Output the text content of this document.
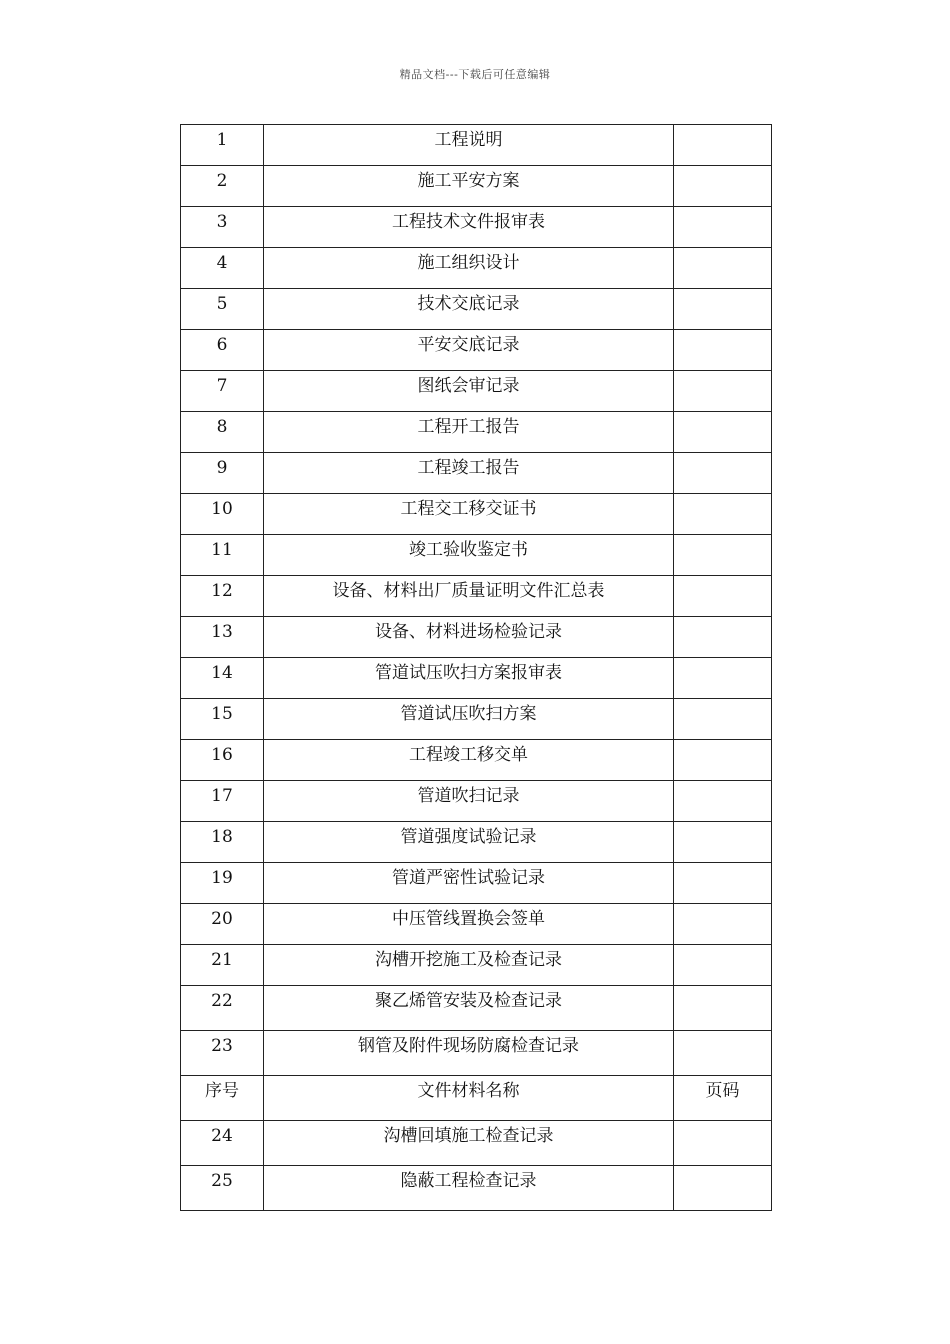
精品文档---下载后可任意编辑
1	工程说明	
2	施工平安方案	
3	工程技术文件报审表	
4	施工组织设计	
5	技术交底记录	
6	平安交底记录	
7	图纸会审记录	
8	工程开工报告	
9	工程竣工报告	
10	工程交工移交证书	
11	竣工验收鉴定书	
12	设备、材料出厂质量证明文件汇总表	
13	设备、材料进场检验记录	
14	管道试压吹扫方案报审表	
15	管道试压吹扫方案	
16	工程竣工移交单	
17	管道吹扫记录	
18	管道强度试验记录	
19	管道严密性试验记录	
20	中压管线置换会签单	
21	沟槽开挖施工及检查记录	
22	聚乙烯管安装及检查记录	
23	钢管及附件现场防腐检查记录	
序号	文件材料名称	页码
24	沟槽回填施工检查记录	
25	隐蔽工程检查记录	
